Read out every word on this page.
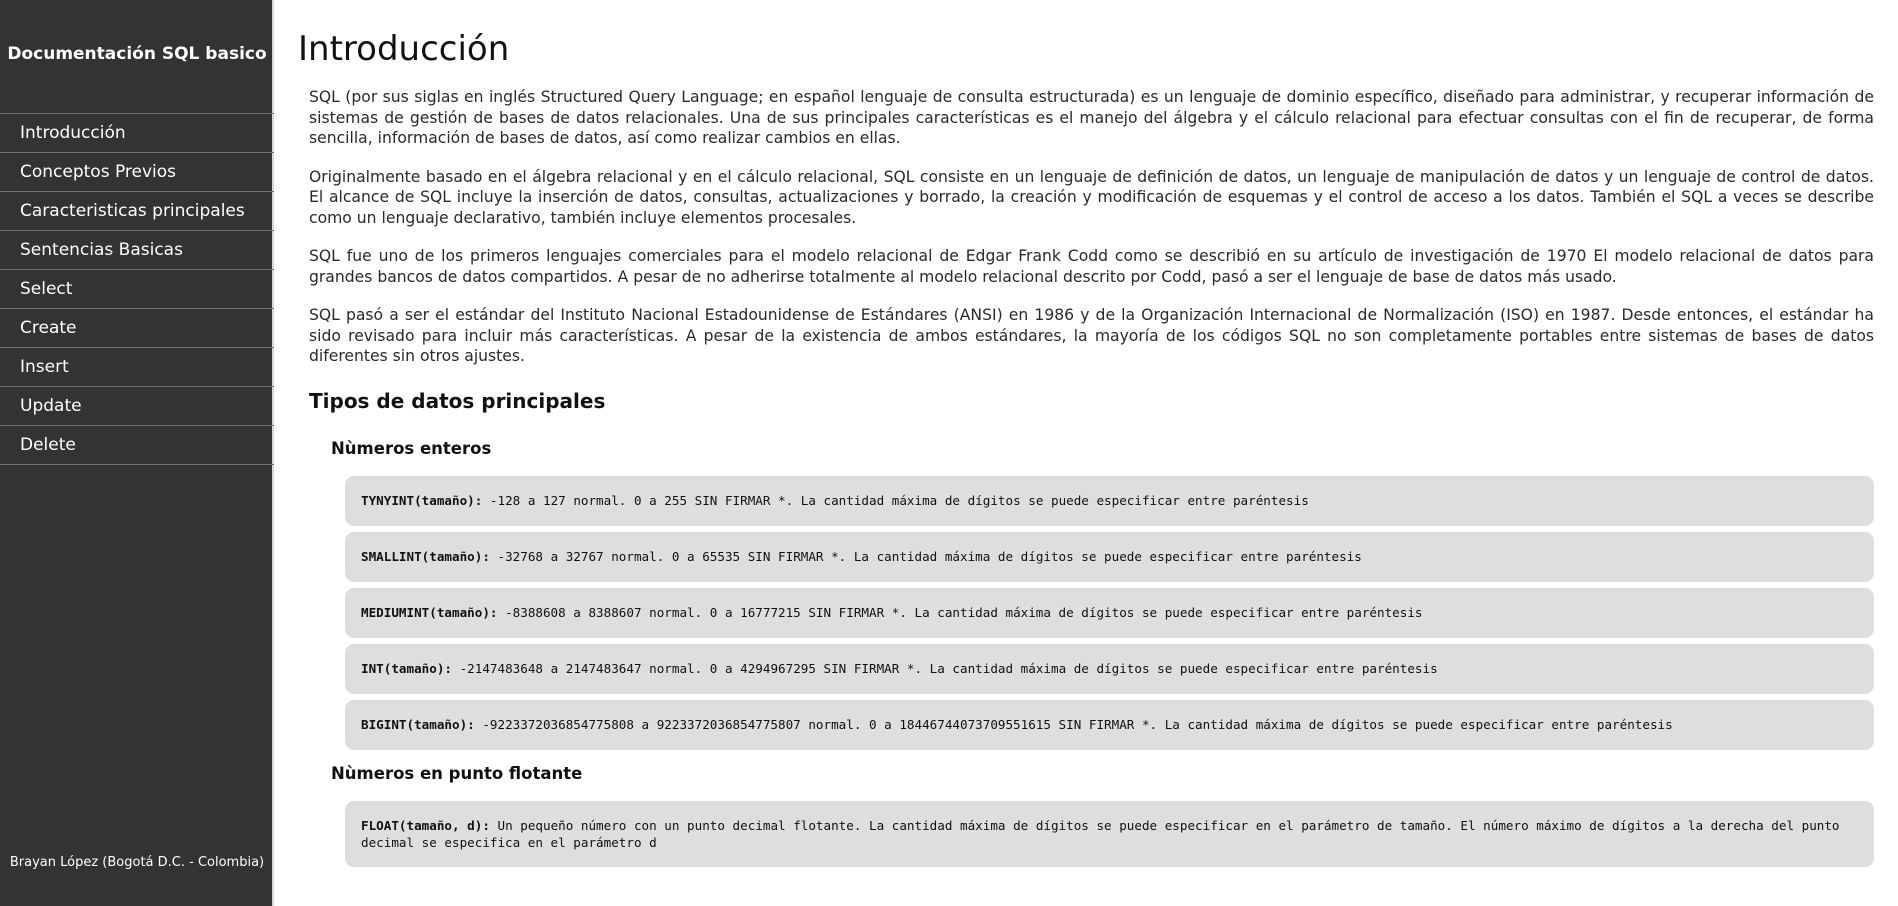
Documentación SQL basico
Introducción
Conceptos Previos
Caracteristicas principales
Sentencias Basicas
Select
Create
Insert
Update
Delete
Brayan López (Bogotá D.C. - Colombia)
Introducción

SQL (por sus siglas en inglés Structured Query Language; en español lenguaje de consulta estructurada) es un lenguaje de dominio específico, diseñado para administrar, y recuperar información de sistemas de gestión de bases de datos relacionales. Una de sus principales características es el manejo del álgebra y el cálculo relacional para efectuar consultas con el fin de recuperar, de forma sencilla, información de bases de datos, así como realizar cambios en ellas.

Originalmente basado en el álgebra relacional y en el cálculo relacional, SQL consiste en un lenguaje de definición de datos, un lenguaje de manipulación de datos y un lenguaje de control de datos. El alcance de SQL incluye la inserción de datos, consultas, actualizaciones y borrado, la creación y modificación de esquemas y el control de acceso a los datos. También el SQL a veces se describe como un lenguaje declarativo, también incluye elementos procesales.

SQL fue uno de los primeros lenguajes comerciales para el modelo relacional de Edgar Frank Codd como se describió en su artículo de investigación de 1970 El modelo relacional de datos para grandes bancos de datos compartidos. A pesar de no adherirse totalmente al modelo relacional descrito por Codd, pasó a ser el lenguaje de base de datos más usado.

SQL pasó a ser el estándar del Instituto Nacional Estadounidense de Estándares (ANSI) en 1986 y de la Organización Internacional de Normalización (ISO) en 1987. Desde entonces, el estándar ha sido revisado para incluir más características. A pesar de la existencia de ambos estándares, la mayoría de los códigos SQL no son completamente portables entre sistemas de bases de datos diferentes sin otros ajustes.

Tipos de datos principales
Nùmeros enteros
TYNYINT(tamaño): -128 a 127 normal. 0 a 255 SIN FIRMAR *. La cantidad máxima de dígitos se puede especificar entre paréntesis
SMALLINT(tamaño): -32768 a 32767 normal. 0 a 65535 SIN FIRMAR *. La cantidad máxima de dígitos se puede especificar entre paréntesis
MEDIUMINT(tamaño): -8388608 a 8388607 normal. 0 a 16777215 SIN FIRMAR *. La cantidad máxima de dígitos se puede especificar entre paréntesis
INT(tamaño): -2147483648 a 2147483647 normal. 0 a 4294967295 SIN FIRMAR *. La cantidad máxima de dígitos se puede especificar entre paréntesis
BIGINT(tamaño): -9223372036854775808 a 9223372036854775807 normal. 0 a 18446744073709551615 SIN FIRMAR *. La cantidad máxima de dígitos se puede especificar entre paréntesis
Nùmeros en punto flotante
FLOAT(tamaño, d): Un pequeño número con un punto decimal flotante. La cantidad máxima de dígitos se puede especificar en el parámetro de tamaño. El número máximo de dígitos a la derecha del punto decimal se especifica en el parámetro d
